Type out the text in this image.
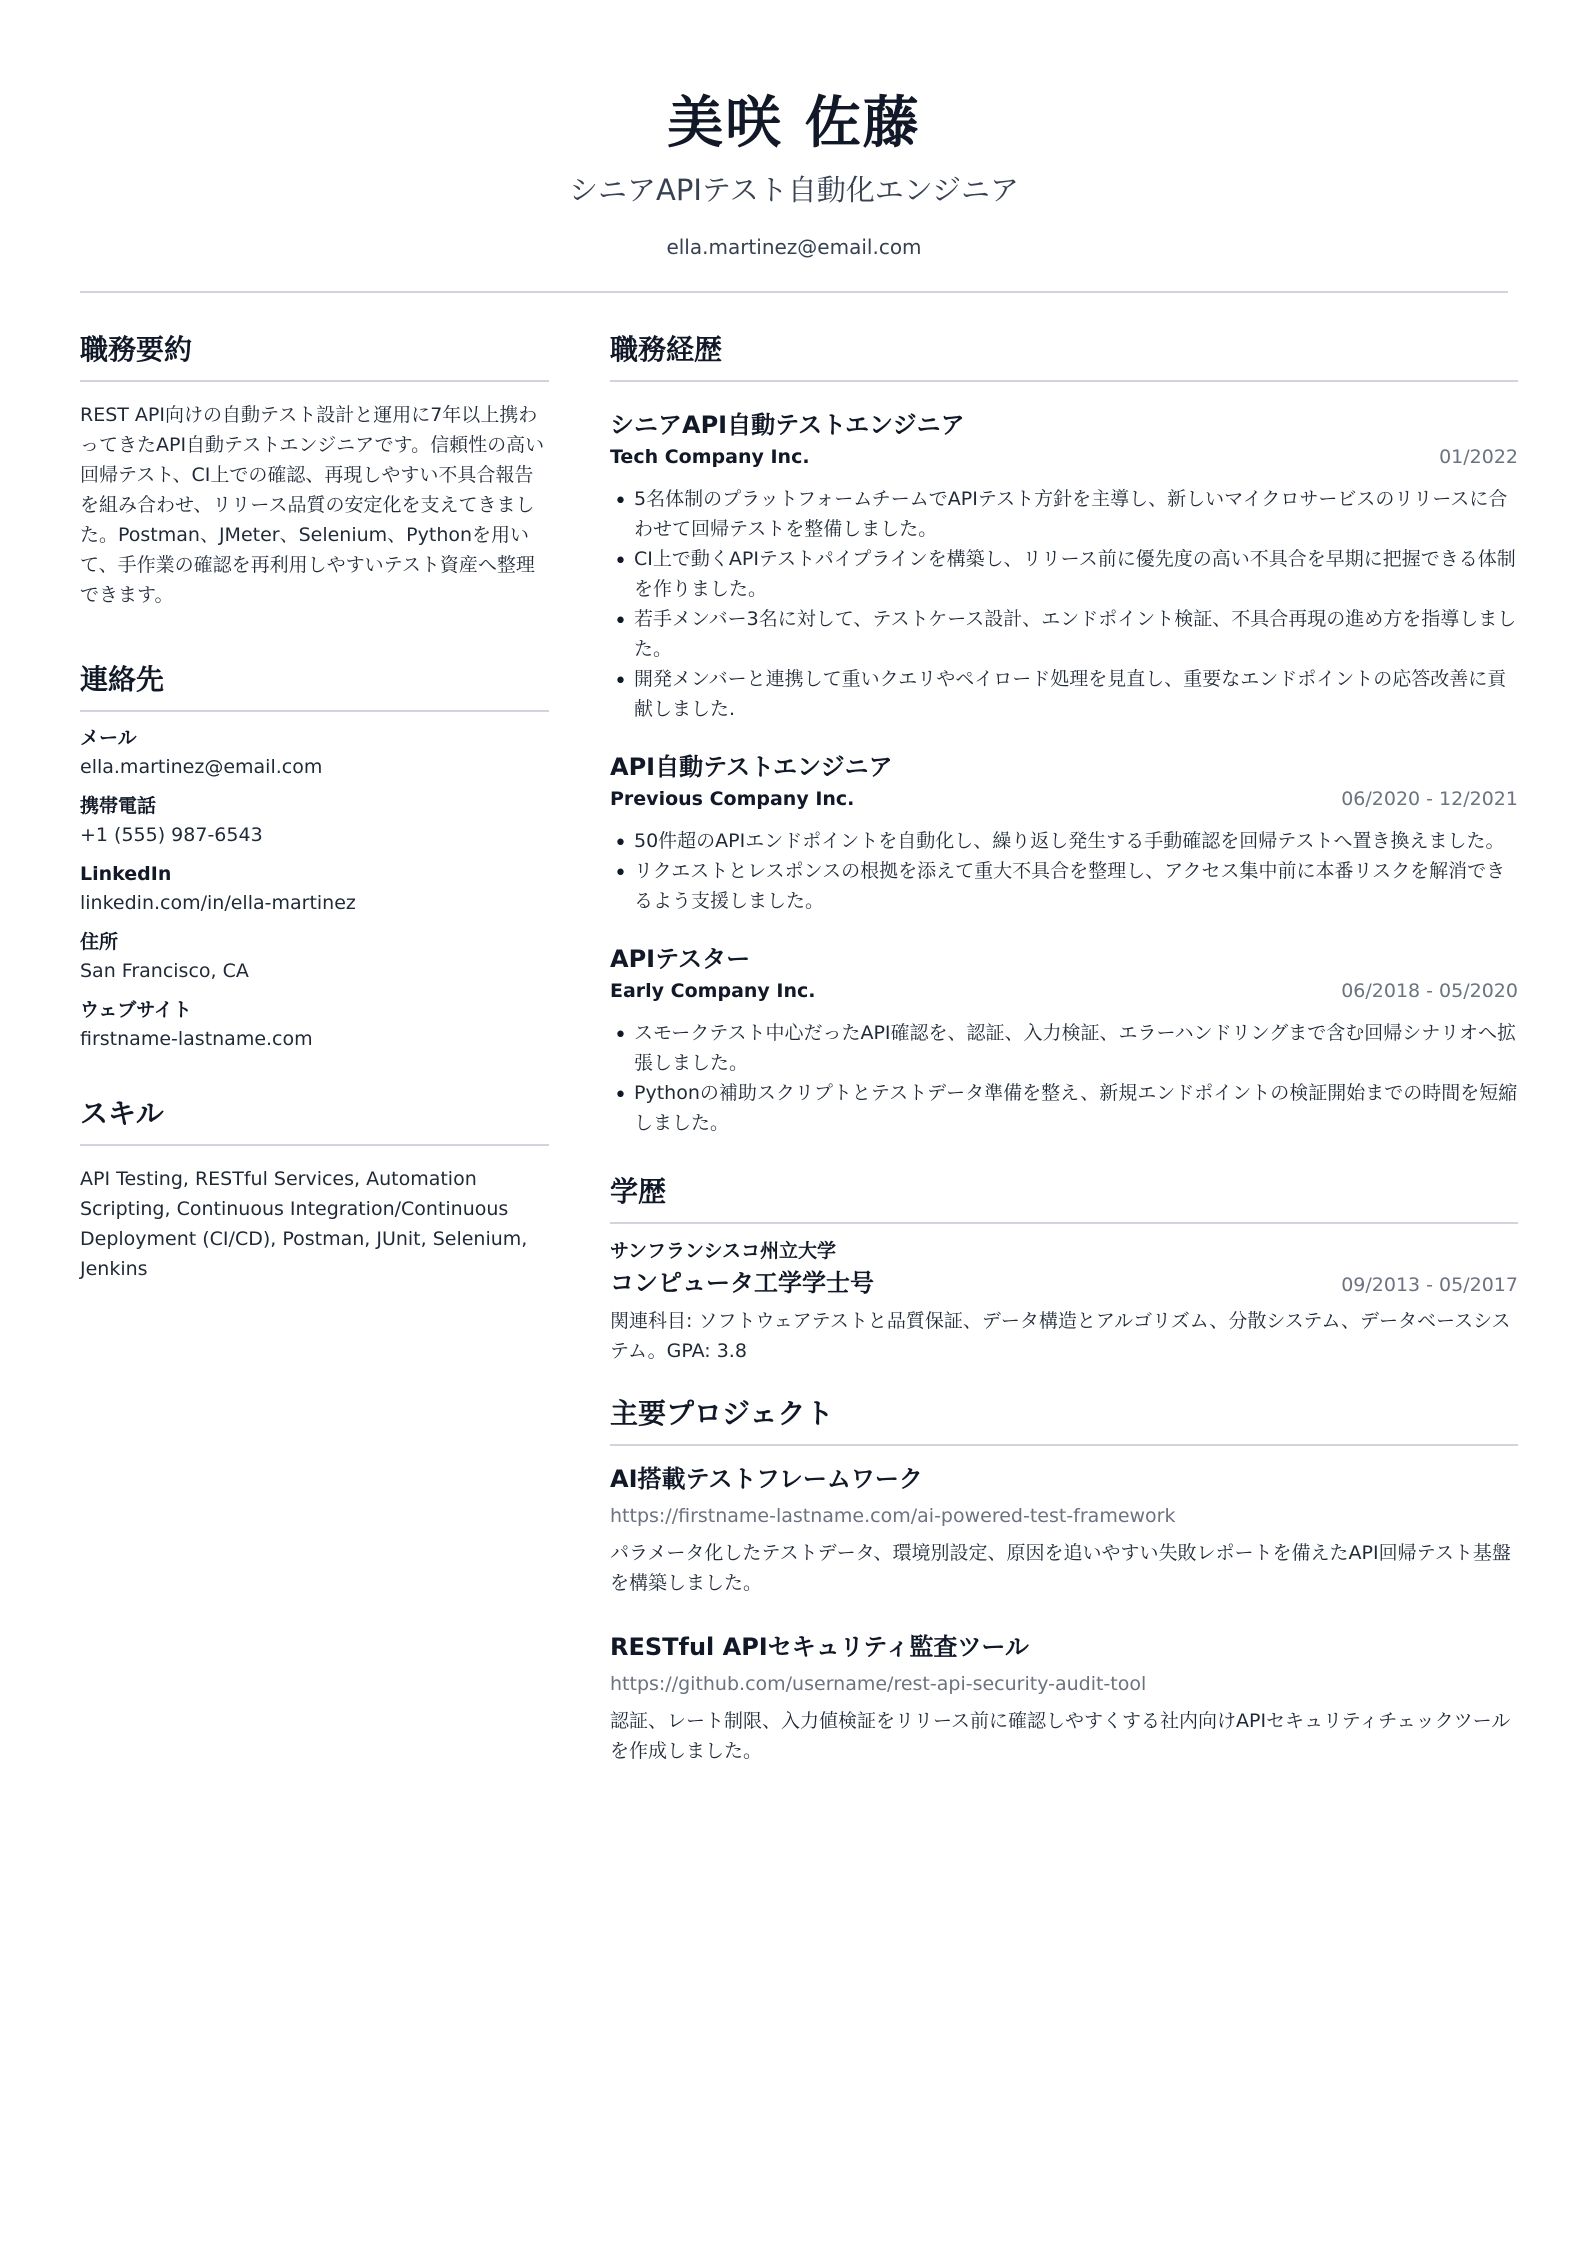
美咲 佐藤
シニアAPIテスト自動化エンジニア
ella.martinez@email.com
職務要約
REST API向けの自動テスト設計と運用に7年以上携わってきたAPI自動テストエンジニアです。信頼性の高い回帰テスト、CI上での確認、再現しやすい不具合報告を組み合わせ、リリース品質の安定化を支えてきました。Postman、JMeter、Selenium、Pythonを用いて、手作業の確認を再利用しやすいテスト資産へ整理できます。
連絡先
メール
ella.martinez@email.com
携帯電話
+1 (555) 987-6543
LinkedIn
linkedin.com/in/ella-martinez
住所
San Francisco, CA
ウェブサイト
firstname-lastname.com
スキル
API Testing, RESTful Services, Automation Scripting, Continuous Integration/Continuous Deployment (CI/CD), Postman, JUnit, Selenium, Jenkins
職務経歴
シニアAPI自動テストエンジニア
Tech Company Inc.	01/2022
• 5名体制のプラットフォームチームでAPIテスト方針を主導し、新しいマイクロサービスのリリースに合わせて回帰テストを整備しました。
• CI上で動くAPIテストパイプラインを構築し、リリース前に優先度の高い不具合を早期に把握できる体制を作りました。
• 若手メンバー3名に対して、テストケース設計、エンドポイント検証、不具合再現の進め方を指導しました。
• 開発メンバーと連携して重いクエリやペイロード処理を見直し、重要なエンドポイントの応答改善に貢献しました.
API自動テストエンジニア
Previous Company Inc.	06/2020 - 12/2021
• 50件超のAPIエンドポイントを自動化し、繰り返し発生する手動確認を回帰テストへ置き換えました。
• リクエストとレスポンスの根拠を添えて重大不具合を整理し、アクセス集中前に本番リスクを解消できるよう支援しました。
APIテスター
Early Company Inc.	06/2018 - 05/2020
• スモークテスト中心だったAPI確認を、認証、入力検証、エラーハンドリングまで含む回帰シナリオへ拡張しました。
• Pythonの補助スクリプトとテストデータ準備を整え、新規エンドポイントの検証開始までの時間を短縮しました。
学歴
サンフランシスコ州立大学
コンピュータ工学学士号	09/2013 - 05/2017
関連科目: ソフトウェアテストと品質保証、データ構造とアルゴリズム、分散システム、データベースシステム。GPA: 3.8
主要プロジェクト
AI搭載テストフレームワーク
https://firstname-lastname.com/ai-powered-test-framework
パラメータ化したテストデータ、環境別設定、原因を追いやすい失敗レポートを備えたAPI回帰テスト基盤を構築しました。
RESTful APIセキュリティ監査ツール
https://github.com/username/rest-api-security-audit-tool
認証、レート制限、入力値検証をリリース前に確認しやすくする社内向けAPIセキュリティチェックツールを作成しました。
